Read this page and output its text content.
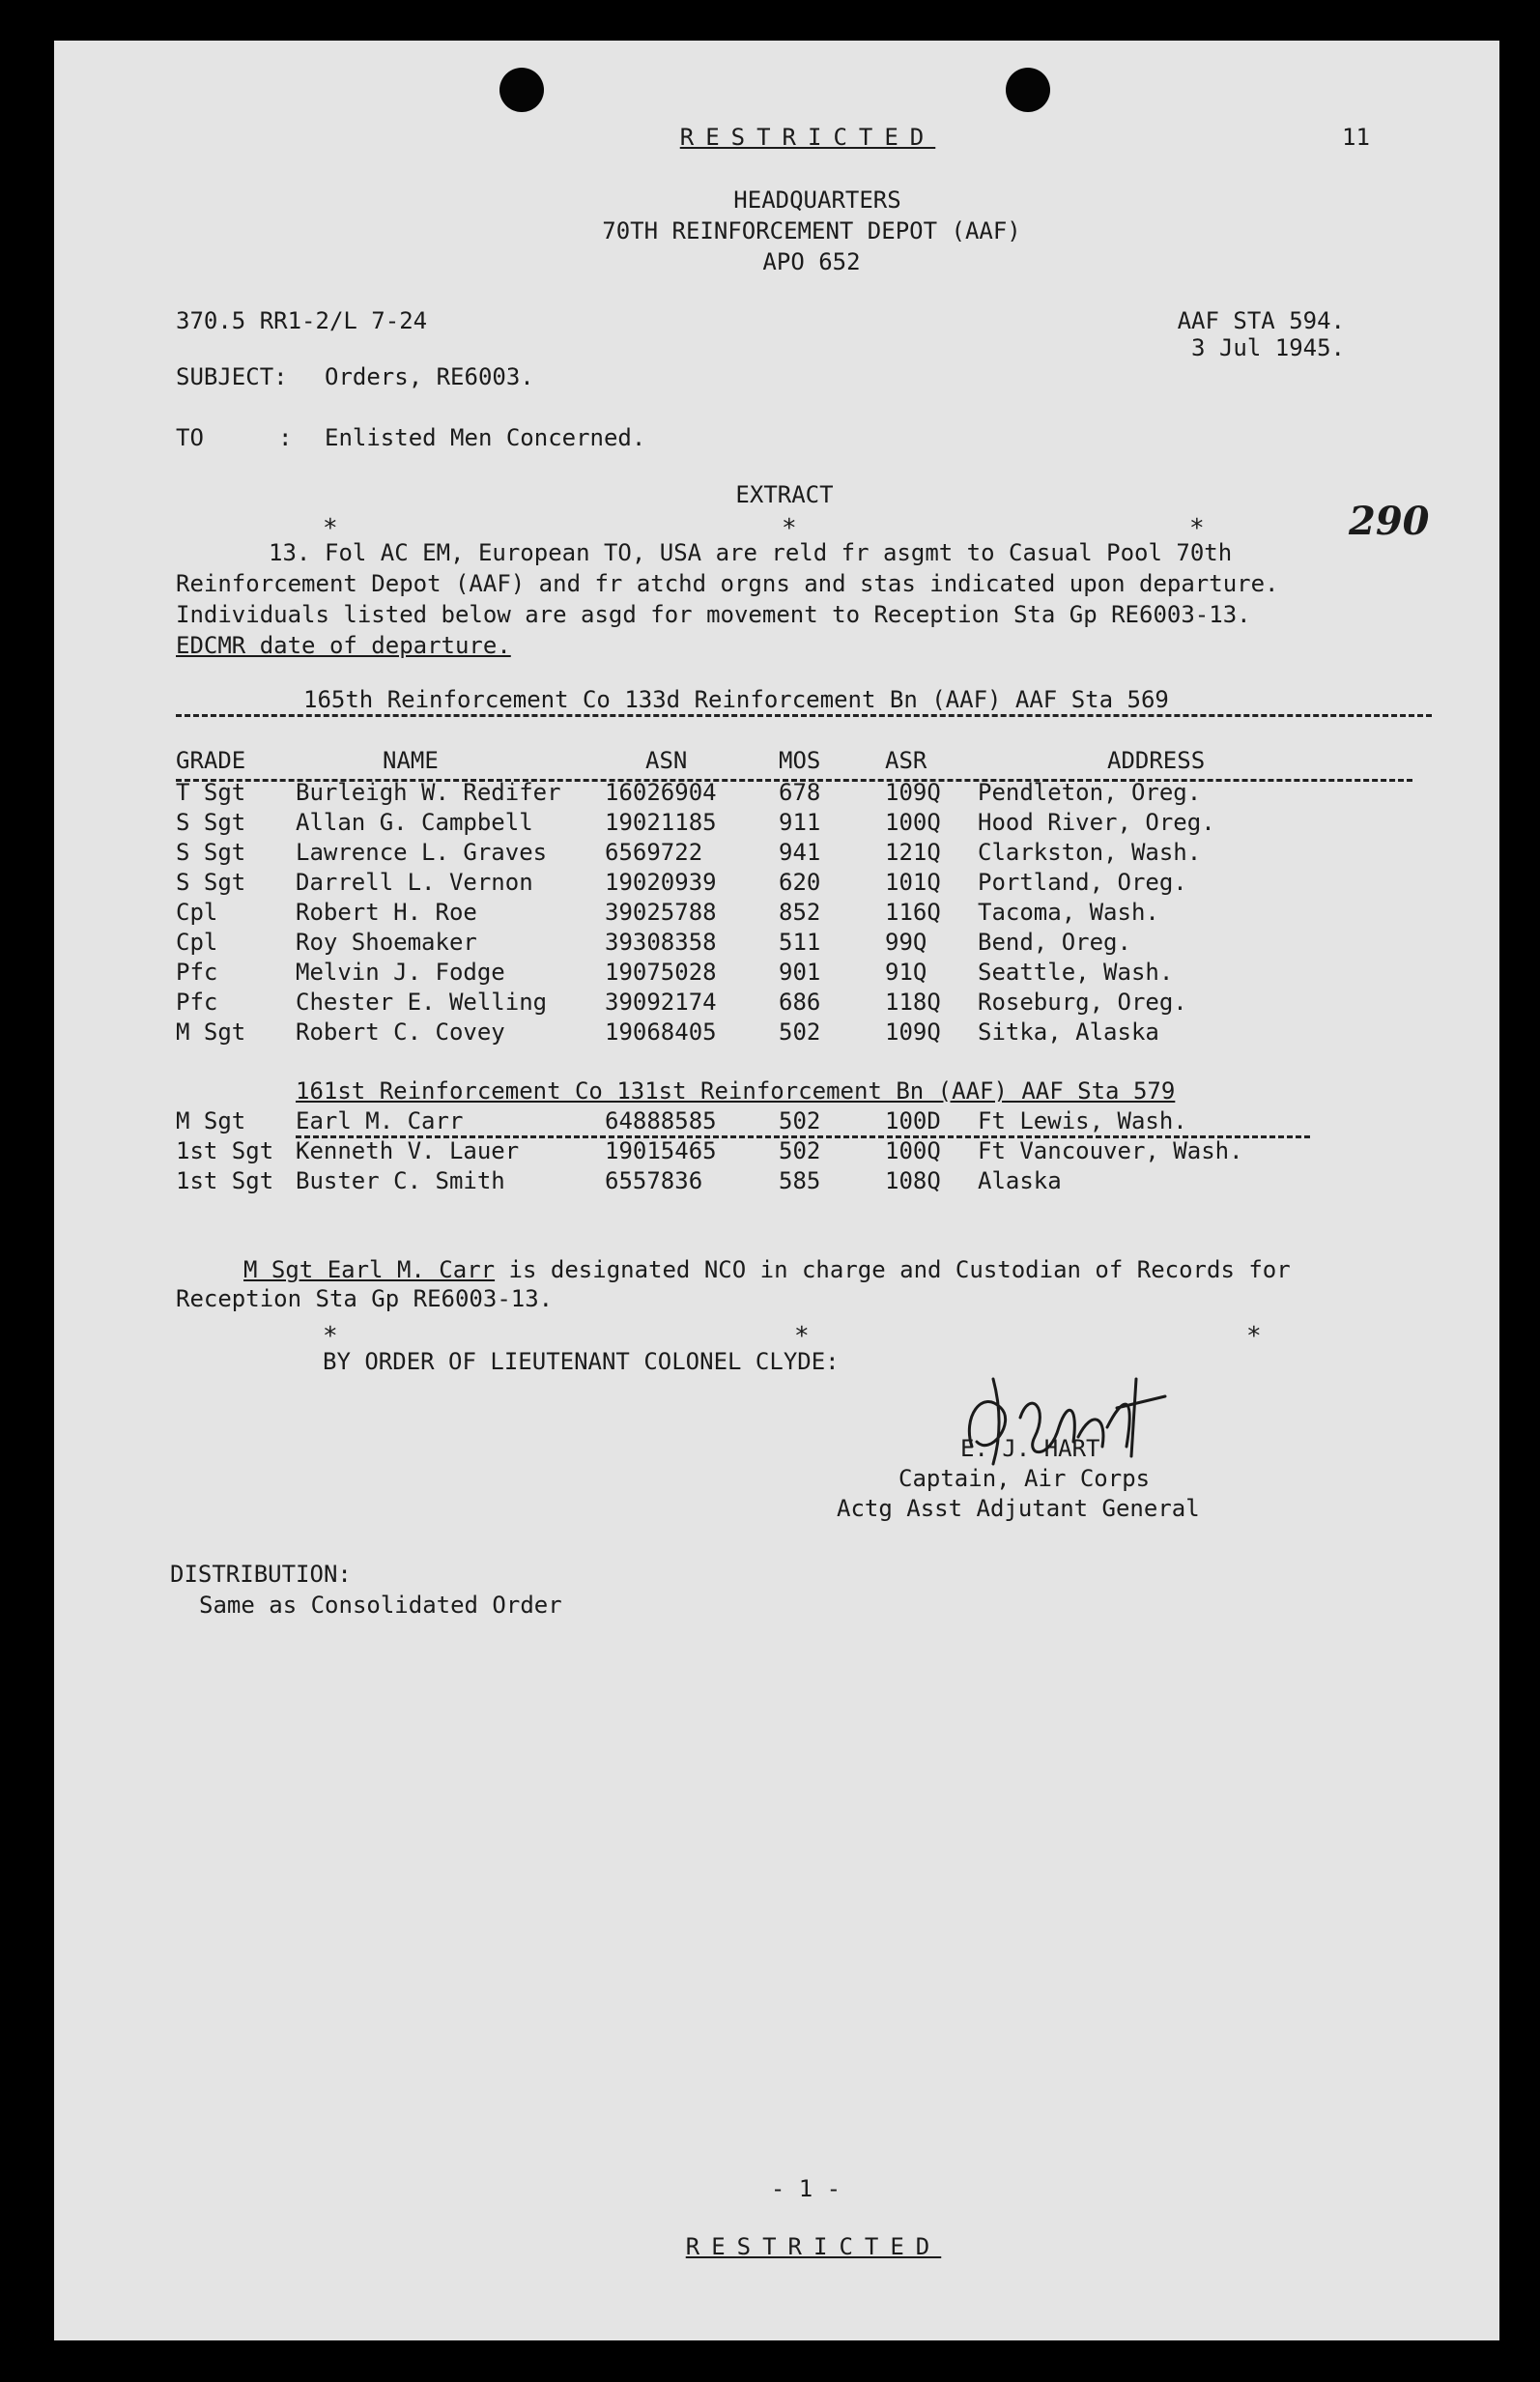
11
RESTRICTED
HEADQUARTERS
70TH REINFORCEMENT DEPOT (AAF)
APO 652
370.5 RR1-2/L 7-24	AAF STA 594.
3 Jul 1945.
SUBJECT: Orders, RE6003.
TO	: Enlisted Men Concerned.
EXTRACT
290
*	*	*
13. Fol AC EM, European TO, USA are reld fr asgmt to Casual Pool 70th
Reinforcement Depot (AAF) and fr atchd orgns and stas indicated upon departure.
Individuals listed below are asgd for movement to Reception Sta Gp RE6003-13.
EDCMR date of departure.
165th Reinforcement Co 133d Reinforcement Bn (AAF) AAF Sta 569
GRADE	NAME	ASN	MOS	ASR	ADDRESS
T Sgt Burleigh W. Redifer 16026904	678	109Q Pendleton, Oreg.
S Sgt Allan G. Campbell	19021185	911	100Q Hood River, Oreg.
S Sgt Lawrence L. Graves 6569722	941	121Q Clarkston, Wash.
S Sgt Darrell L. Vernon	19020939	620	101Q Portland, Oreg.
Cpl	Robert H. Roe	39025788	852	116Q Tacoma, Wash.
Cpl	Roy Shoemaker	39308358	511	99Q Bend, Oreg.
Pfc	Melvin J. Fodge	19075028	901	91Q Seattle, Wash.
Pfc	Chester E. Welling 39092174	686	118Q Roseburg, Oreg.
M Sgt Robert C. Covey	19068405	502	109Q Sitka, Alaska
161st Reinforcement Co 131st Reinforcement Bn (AAF) AAF Sta 579
M Sgt Earl M. Carr	64888585	502	100D Ft Lewis, Wash.
1st Sgt Kenneth V. Lauer	19015465	502	100Q Ft Vancouver, Wash.
1st Sgt Buster C. Smith	6557836	585	108Q Alaska
M Sgt Earl M. Carr is designated NCO in charge and Custodian of Records for
Reception Sta Gp RE6003-13.
*	*	*
BY ORDER OF LIEUTENANT COLONEL CLYDE:
E. J. HART
Captain, Air Corps
Actg Asst Adjutant General
DISTRIBUTION:
Same as Consolidated Order
- 1 -
RESTRICTED
